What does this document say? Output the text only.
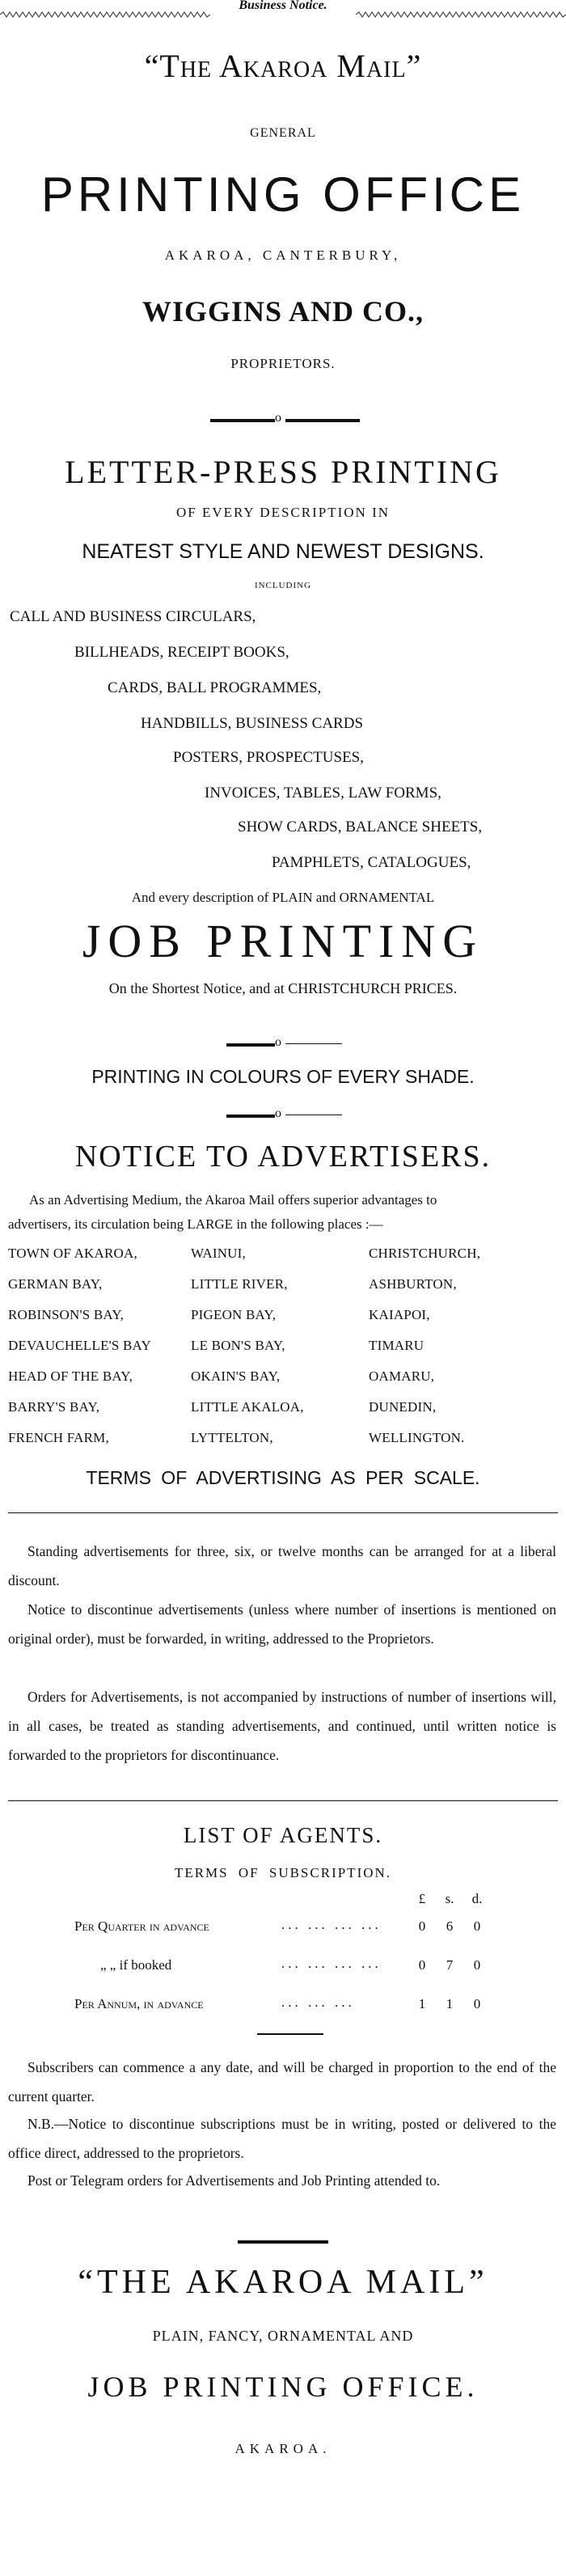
Business Notice.
“The Akaroa Mail”
GENERAL
PRINTING OFFICE
AKAROA, CANTERBURY,
WIGGINS AND CO.,
PROPRIETORS.
o
LETTER-PRESS PRINTING
OF EVERY DESCRIPTION IN
NEATEST STYLE AND NEWEST DESIGNS.
INCLUDING
CALL AND BUSINESS CIRCULARS,
BILLHEADS, RECEIPT BOOKS,
CARDS, BALL PROGRAMMES,
HANDBILLS, BUSINESS CARDS
POSTERS, PROSPECTUSES,
INVOICES, TABLES, LAW FORMS,
SHOW CARDS, BALANCE SHEETS,
PAMPHLETS, CATALOGUES,
And every description of PLAIN and ORNAMENTAL
JOB PRINTING
On the Shortest Notice, and at CHRISTCHURCH PRICES.
o
PRINTING IN COLOURS OF EVERY SHADE.
o
NOTICE TO ADVERTISERS.
As an Advertising Medium, the Akaroa Mail offers superior advantages to
advertisers, its circulation being LARGE in the following places :—
TOWN OF AKAROA,	WAINUI,	CHRISTCHURCH,
GERMAN BAY,	LITTLE RIVER,	ASHBURTON,
ROBINSON'S BAY,	PIGEON BAY,	KAIAPOI,
DEVAUCHELLE'S BAY	LE BON'S BAY,	TIMARU
HEAD OF THE BAY,	OKAIN'S BAY,	OAMARU,
BARRY'S BAY,	LITTLE AKALOA,	DUNEDIN,
FRENCH FARM,	LYTTELTON,	WELLINGTON.
TERMS OF ADVERTISING AS PER SCALE.
Standing advertisements for three, six, or twelve months can be arranged for at a liberal discount.
Notice to discontinue advertisements (unless where number of insertions is mentioned on original order), must be forwarded, in writing, addressed to the Proprietors.
Orders for Advertisements, is not accompanied by instructions of number of insertions will, in all cases, be treated as standing advertisements, and continued, until written notice is forwarded to the proprietors for discontinuance.
LIST OF AGENTS.
TERMS OF SUBSCRIPTION.
£	s.	d.
Per Quarter in advance	... ... ... ...	0	6	0
„ „ if booked	... ... ... ...	0	7	0
Per Annum, in advance	... ... ...	1	1	0
Subscribers can commence a any date, and will be charged in proportion to the end of the current quarter.
N.B.—Notice to discontinue subscriptions must be in writing, posted or delivered to the office direct, addressed to the proprietors.
Post or Telegram orders for Advertisements and Job Printing attended to.
“THE AKAROA MAIL”
PLAIN, FANCY, ORNAMENTAL AND
JOB PRINTING OFFICE.
AKAROA.
